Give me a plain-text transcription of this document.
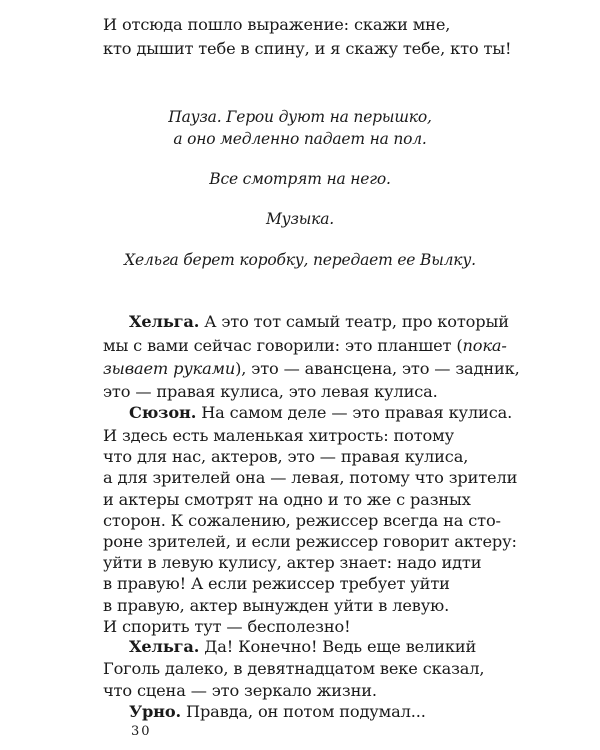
И отсюда пошло выражение: скажи мне,
кто дышит тебе в спину, и я скажу тебе, кто ты!
Пауза. Герои дуют на перышко,
а оно медленно падает на пол.
Все смотрят на него.
Музыка.
Хельга берет коробку, передает ее Вылку.
Хельга. А это тот самый театр, про который
мы с вами сейчас говорили: это планшет (пока-
зывает руками), это — авансцена, это — задник,
это — правая кулиса, это левая кулиса.
Сюзон. На самом деле — это правая кулиса.
И здесь есть маленькая хитрость: потому
что для нас, актеров, это — правая кулиса,
а для зрителей она — левая, потому что зрители
и актеры смотрят на одно и то же с разных
сторон. К сожалению, режиссер всегда на сто-
роне зрителей, и если режиссер говорит актеру:
уйти в левую кулису, актер знает: надо идти
в правую! А если режиссер требует уйти
в правую, актер вынужден уйти в левую.
И спорить тут — бесполезно!
Хельга. Да! Конечно! Ведь еще великий
Гоголь далеко, в девятнадцатом веке сказал,
30
что сцена — это зеркало жизни.
Урно. Правда, он потом подумал...
